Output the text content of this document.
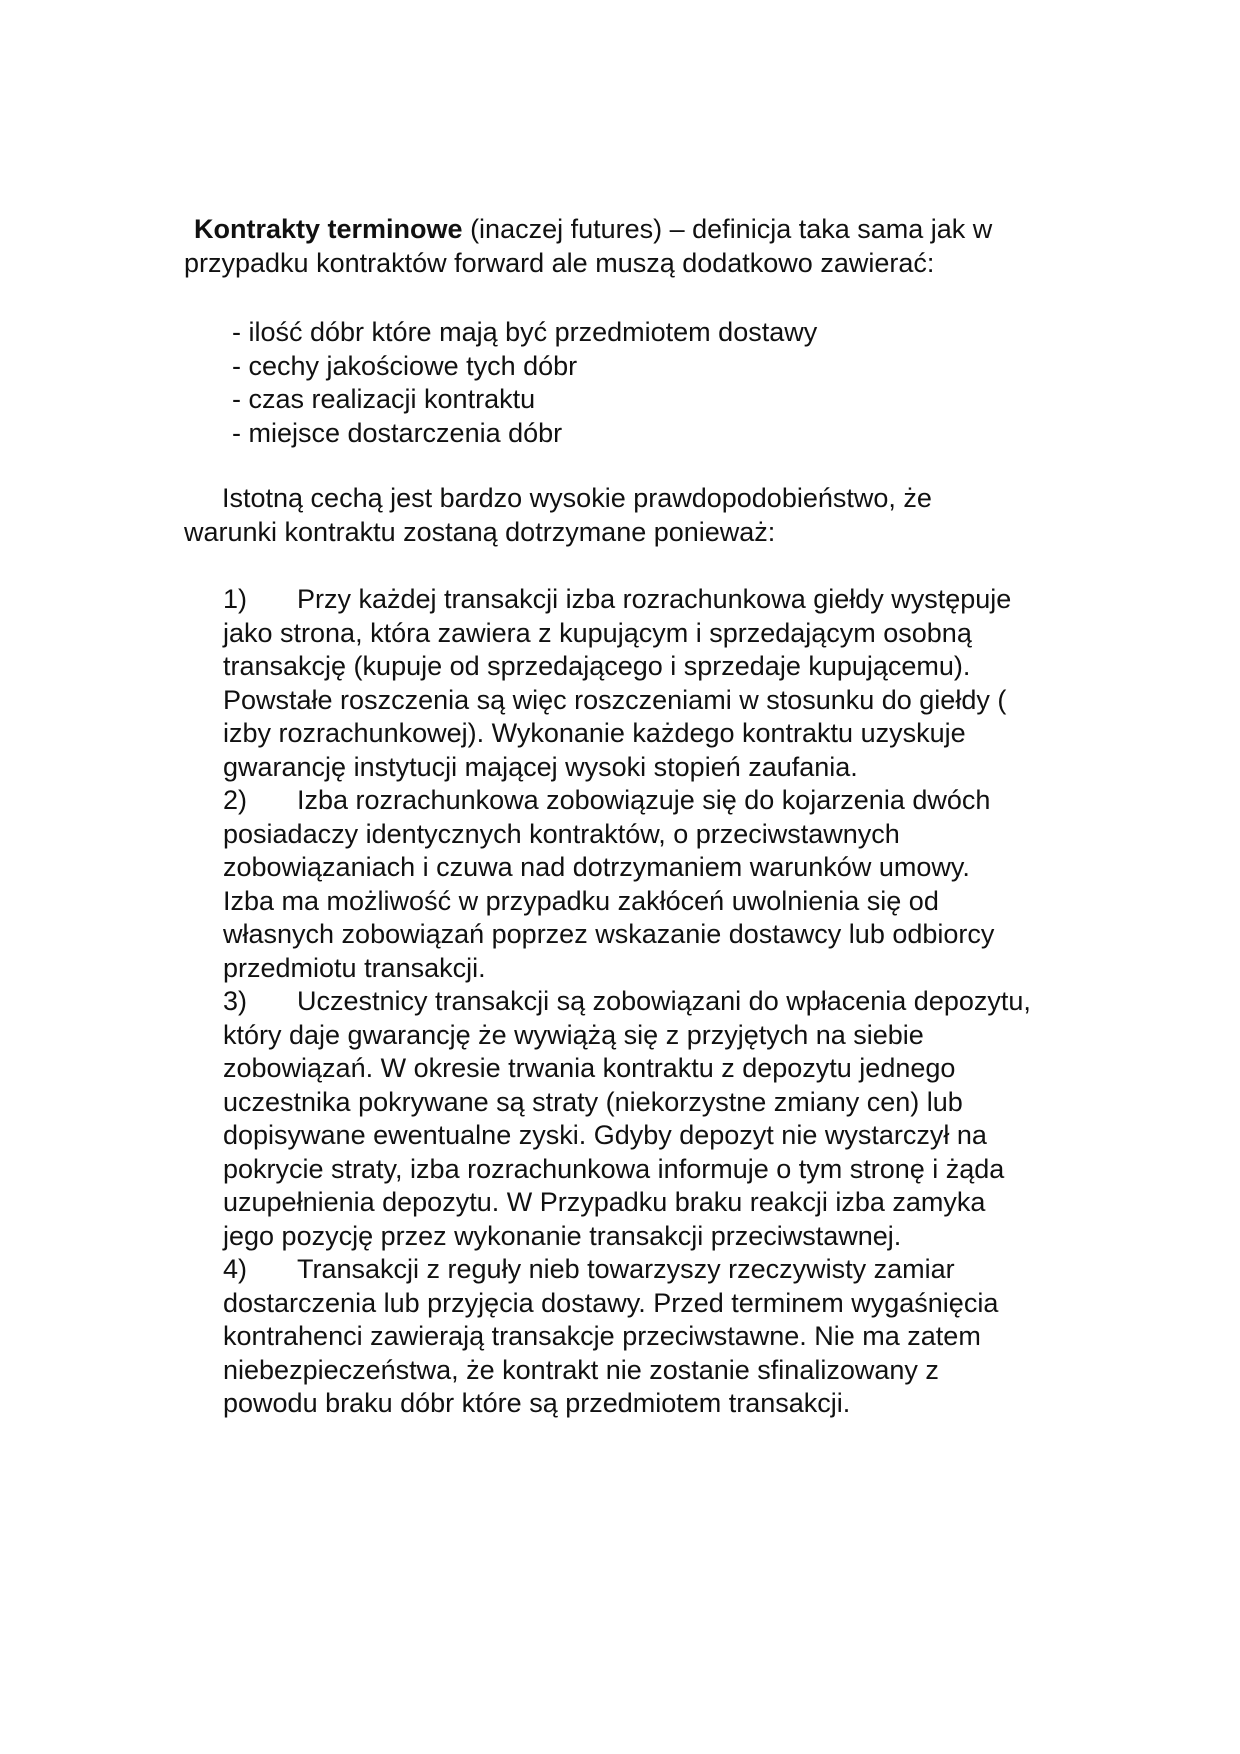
Kontrakty terminowe (inaczej futures) – definicja taka sama jak w
przypadku kontraktów forward ale muszą dodatkowo zawierać:
- ilość dóbr które mają być przedmiotem dostawy
- cechy jakościowe tych dóbr
- czas realizacji kontraktu
- miejsce dostarczenia dóbr
Istotną cechą jest bardzo wysokie prawdopodobieństwo, że
warunki kontraktu zostaną dotrzymane ponieważ:
1) Przy każdej transakcji izba rozrachunkowa giełdy występuje
jako strona, która zawiera z kupującym i sprzedającym osobną
transakcję (kupuje od sprzedającego i sprzedaje kupującemu).
Powstałe roszczenia są więc roszczeniami w stosunku do giełdy (
izby rozrachunkowej). Wykonanie każdego kontraktu uzyskuje
gwarancję instytucji mającej wysoki stopień zaufania.
2) Izba rozrachunkowa zobowiązuje się do kojarzenia dwóch
posiadaczy identycznych kontraktów, o przeciwstawnych
zobowiązaniach i czuwa nad dotrzymaniem warunków umowy.
Izba ma możliwość w przypadku zakłóceń uwolnienia się od
własnych zobowiązań poprzez wskazanie dostawcy lub odbiorcy
przedmiotu transakcji.
3) Uczestnicy transakcji są zobowiązani do wpłacenia depozytu,
który daje gwarancję że wywiążą się z przyjętych na siebie
zobowiązań. W okresie trwania kontraktu z depozytu jednego
uczestnika pokrywane są straty (niekorzystne zmiany cen) lub
dopisywane ewentualne zyski. Gdyby depozyt nie wystarczył na
pokrycie straty, izba rozrachunkowa informuje o tym stronę i żąda
uzupełnienia depozytu. W Przypadku braku reakcji izba zamyka
jego pozycję przez wykonanie transakcji przeciwstawnej.
4) Transakcji z reguły nieb towarzyszy rzeczywisty zamiar
dostarczenia lub przyjęcia dostawy. Przed terminem wygaśnięcia
kontrahenci zawierają transakcje przeciwstawne. Nie ma zatem
niebezpieczeństwa, że kontrakt nie zostanie sfinalizowany z
powodu braku dóbr które są przedmiotem transakcji.
